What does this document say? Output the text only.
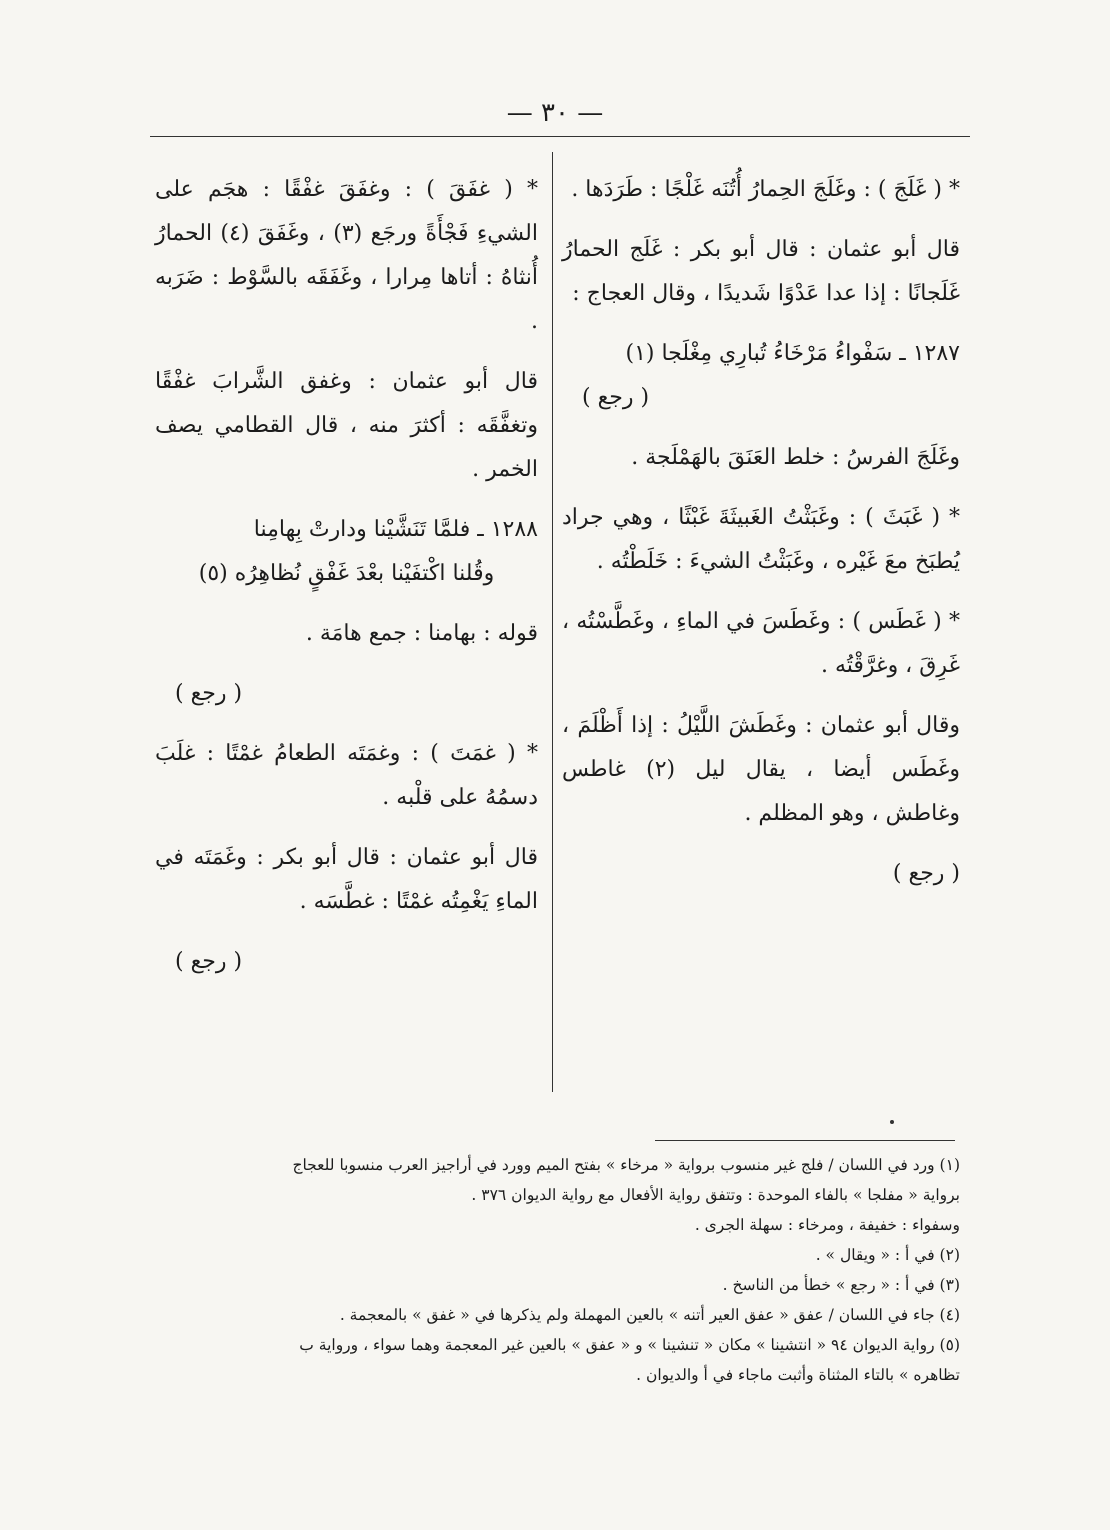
— ٣٠ —

* ( غَلَجَ ) : وغَلَجَ الحِمارُ أُتُنَه غَلْجًا : طَرَدَها .

قال أبو عثمان : قال أبو بكر : غَلَج الحمارُ غَلَجانًا : إذا عدا عَدْوًا شَديدًا ، وقال العجاج :

١٢٨٧ ـ سَفْواءُ مَرْخَاءُ تُبارِي مِغْلَجا (١)

( رجع )

وغَلَجَ الفرسُ : خلط العَنَقَ بالهَمْلَجة .

* ( غَبَثَ ) : وغَبَثْتُ الغَبيثَةَ غَبْثًا ، وهي جراد يُطبَخ معَ غَيْره ، وغَبَثْتُ الشيءَ : خَلَطْتُه .

* ( غَطَس ) : وغَطَسَ في الماءِ ، وغَطَّسْتُه ، غَرِقَ ، وغرَّقْتُه .

وقال أبو عثمان : وغَطَشَ اللَّيْلُ : إذا أَظْلَمَ ، وغَطَس أيضا ، يقال ليل (٢) غاطس وغاطش ، وهو المظلم .

( رجع )

* ( غفَقَ ) : وغفَقَ غفْقًا : هجَم على الشيءِ فَجْأَةً ورجَع (٣) ، وغَفَقَ (٤) الحمارُ أُنثاهُ : أتاها مِرارا ، وغَفَقَه بالسَّوْط : ضَرَبه .

قال أبو عثمان : وغفق الشَّرابَ غفْقًا وتغفَّقَه : أكثرَ منه ، قال القطامي يصف الخمر .

١٢٨٨ ـ فلمَّا تَنَشَّيْنا ودارتْ بِهامِنا

وقُلنا اكْتفَيْنا بعْدَ غَفْقٍ نُظاهِرُه (٥)

قوله : بهامنا : جمع هامَة .

( رجع )

* ( غمَتَ ) : وغمَتَه الطعامُ غمْتًا : غلَبَ دسمُهُ على قلْبه .

قال أبو عثمان : قال أبو بكر : وغَمَتَه في الماءِ يَغْمِتُه غمْتًا : غطَّسَه .

( رجع )

(١) ورد في اللسان / فلج غير منسوب برواية « مرخاء » بفتح الميم وورد في أراجيز العرب منسوبا للعجاج

برواية « مفلجا » بالفاء الموحدة : وتتفق رواية الأفعال مع رواية الديوان ٣٧٦ .

وسفواء : خفيفة ، ومرخاء : سهلة الجرى .

(٢) في أ : « ويقال » .

(٣) في أ : « رجع » خطأ من الناسخ .

(٤) جاء في اللسان / عفق « عفق العير أتنه » بالعين المهملة ولم يذكرها في « غفق » بالمعجمة .

(٥) رواية الديوان ٩٤ « انتشينا » مكان « تنشينا » و « عفق » بالعين غير المعجمة وهما سواء ، ورواية ب

تظاهره » بالتاء المثناة وأثبت ماجاء في أ والديوان .
